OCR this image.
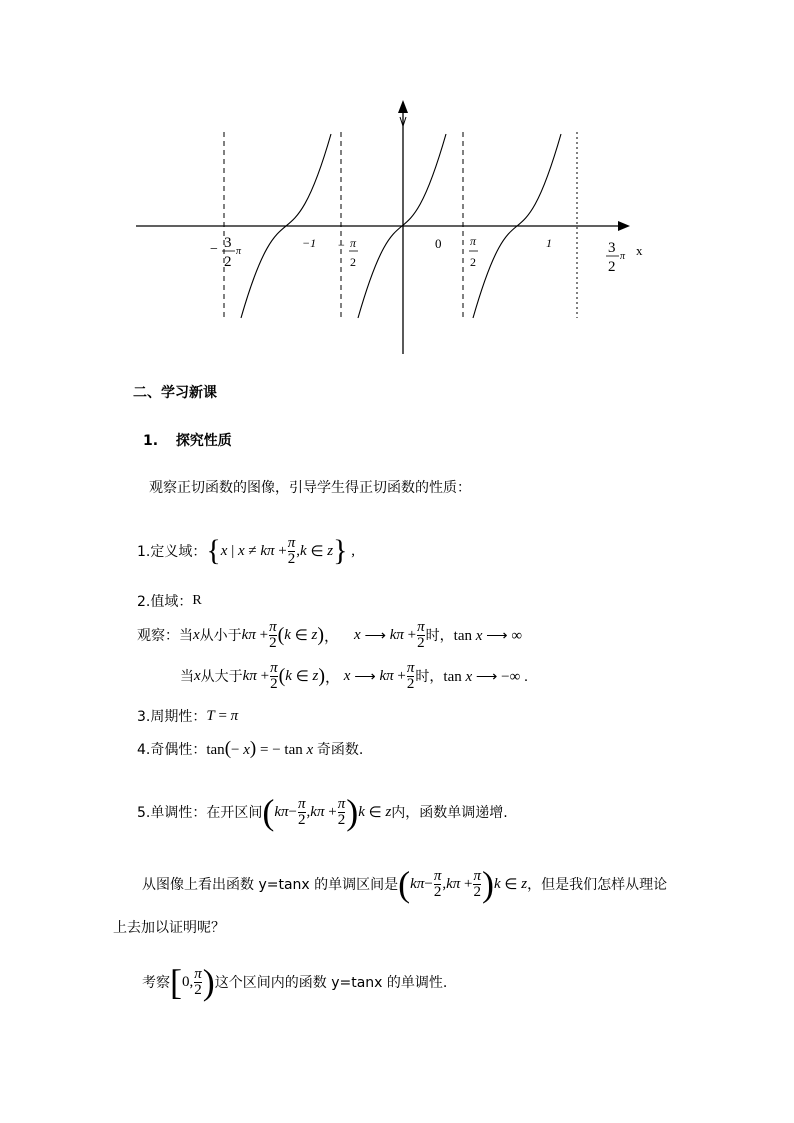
− 3
2
π
−1 − π
2
0 π
2
1	3
2
π x
二、学习新课
1. 探究性质
观察正切函数的图像，引导学生得正切函数的性质：
1.定义域： { x | $x \ne k\pi + \frac{\pi}{2}$ , k ∈ z } ,
2.值域： R
观察： 当 x 从小于 $k\pi + \frac{\pi}{2}$ ( k ∈ z ) ， x ⟶ $k\pi + \frac{\pi}{2}$ 时， tan x ⟶ ∞
当 x 从大于 $k\pi + \frac{\pi}{2}$ ( k ∈ z ) ， x ⟶ $k\pi + \frac{\pi}{2}$ 时， tan x ⟶ −∞ .
3.周期性： T = π
4.奇偶性： tan(− x) = − tan x 奇函数.
5.单调性：在开区间 ( $k\pi - \frac{\pi}{2}$ , $k\pi + \frac{\pi}{2}$ ) k ∈ z 内，函数单调递增.
从图像上看出函数 y=tanx 的单调区间是 ( $k\pi - \frac{\pi}{2}$ , $k\pi + \frac{\pi}{2}$ ) k ∈ z ，但是我们怎样从理论
上去加以证明呢？
考察 [ 0, $\frac{\pi}{2}$ ) 这个区间内的函数 y=tanx 的单调性.
